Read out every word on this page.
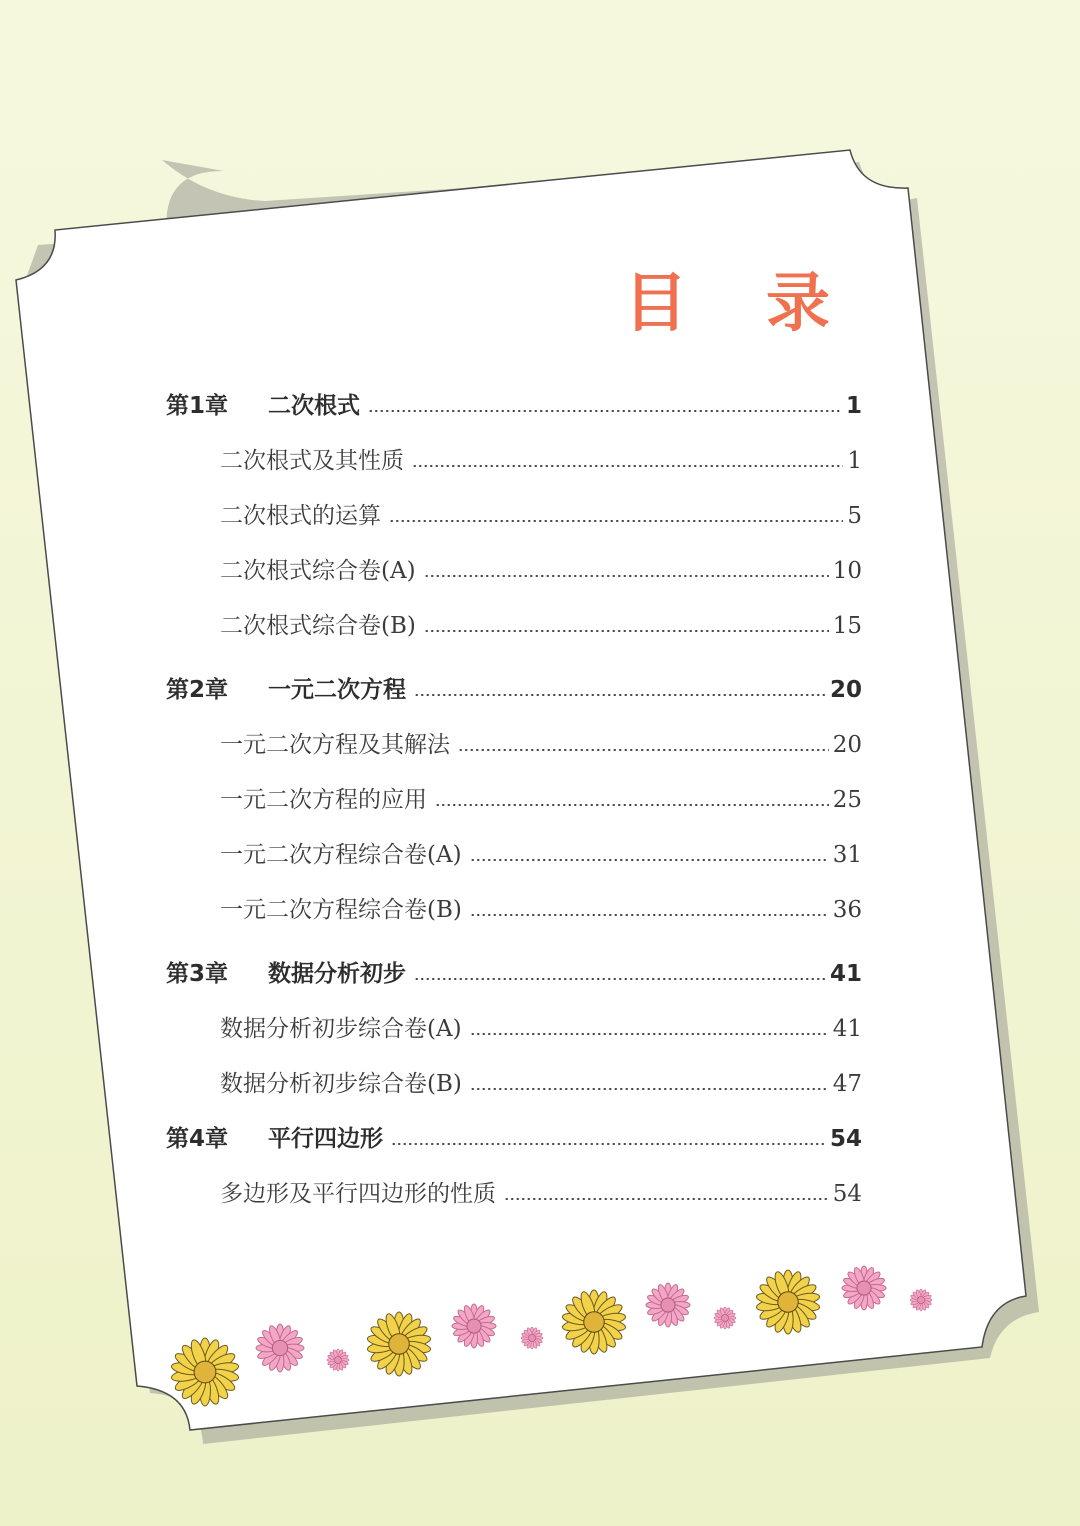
目 录
第1章	二次根式	1
二次根式及其性质	1
二次根式的运算	5
二次根式综合卷(A)	10
二次根式综合卷(B)	15
第2章	一元二次方程	20
一元二次方程及其解法	20
一元二次方程的应用	25
一元二次方程综合卷(A)	31
一元二次方程综合卷(B)	36
第3章	数据分析初步	41
数据分析初步综合卷(A)	41
数据分析初步综合卷(B)	47
第4章	平行四边形	54
多边形及平行四边形的性质	54
